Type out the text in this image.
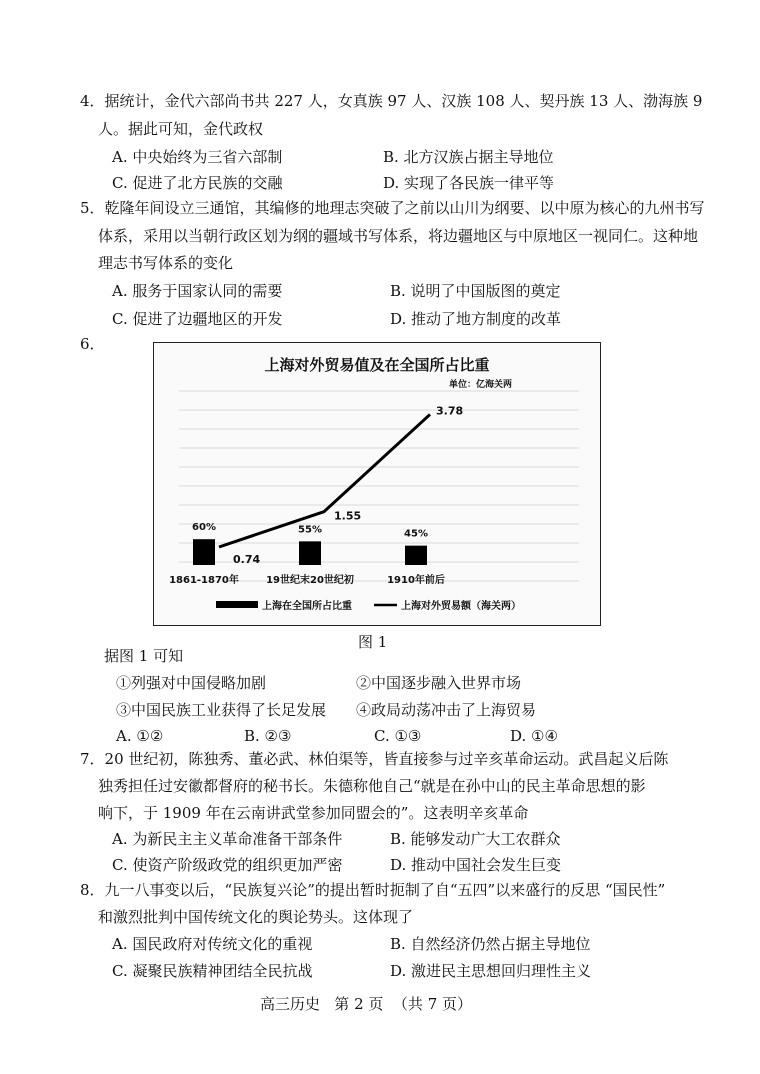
4．据统计，金代六部尚书共 227 人，女真族 97 人、汉族 108 人、契丹族 13 人、渤海族 9
人。据此可知，金代政权
A. 中央始终为三省六部制	B. 北方汉族占据主导地位
C. 促进了北方民族的交融	D. 实现了各民族一律平等
5．乾隆年间设立三通馆，其编修的地理志突破了之前以山川为纲要、以中原为核心的九州书写
体系，采用以当朝行政区划为纲的疆域书写体系，将边疆地区与中原地区一视同仁。这种地
理志书写体系的变化
A. 服务于国家认同的需要	B. 说明了中国版图的奠定
C. 促进了边疆地区的开发	D. 推动了地方制度的改革
6．
上海对外贸易值及在全国所占比重
单位：亿海关两
60%	55%	45%
0.74
1.55
3.78
1861-1870年	19世纪末20世纪初	1910年前后
上海在全国所占比重	上海对外贸易额（海关两）
图 1
据图 1 可知
①列强对中国侵略加剧	②中国逐步融入世界市场
③中国民族工业获得了长足发展 ④政局动荡冲击了上海贸易
A. ①②	B. ②③	C. ①③	D. ①④
7．20 世纪初，陈独秀、董必武、林伯渠等，皆直接参与过辛亥革命运动。武昌起义后陈
独秀担任过安徽都督府的秘书长。朱德称他自己“就是在孙中山的民主革命思想的影
响下，于 1909 年在云南讲武堂参加同盟会的”。这表明辛亥革命
A. 为新民主主义革命准备干部条件	B. 能够发动广大工农群众
C. 使资产阶级政党的组织更加严密	D. 推动中国社会发生巨变
8．九一八事变以后，“民族复兴论”的提出暂时扼制了自“五四”以来盛行的反思 “国民性”
和激烈批判中国传统文化的舆论势头。这体现了
A. 国民政府对传统文化的重视	B. 自然经济仍然占据主导地位
C. 凝聚民族精神团结全民抗战	D. 激进民主思想回归理性主义
高三历史   第 2 页  （共 7 页）
